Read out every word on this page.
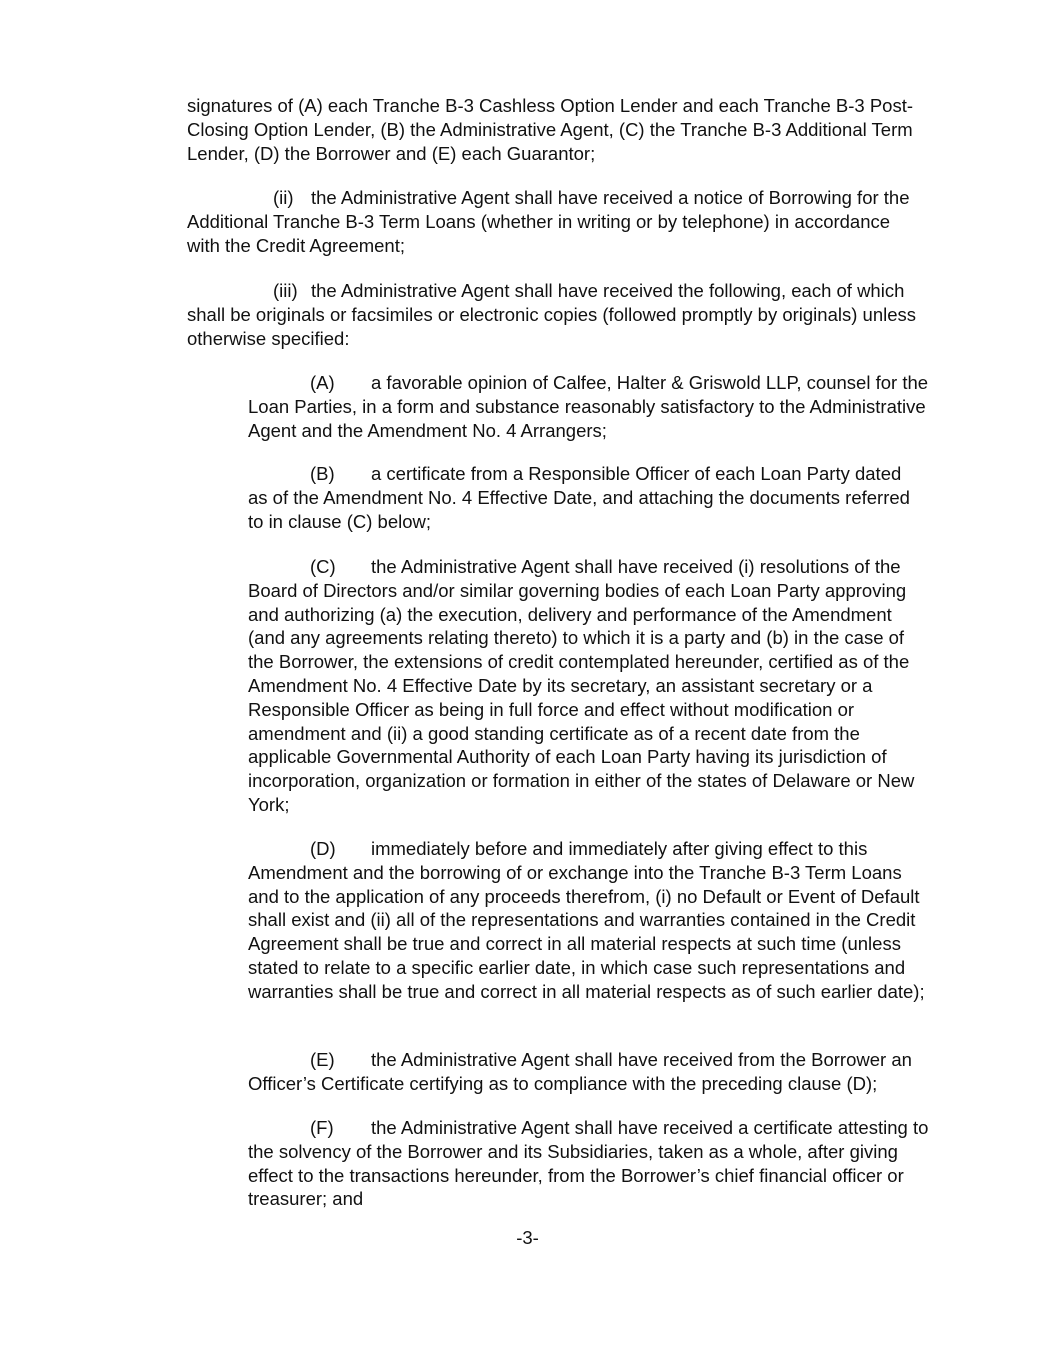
signatures of (A) each Tranche B-3 Cashless Option Lender and each Tranche B-3 Post-Closing Option Lender, (B) the Administrative Agent, (C) the Tranche B-3 Additional Term Lender, (D) the Borrower and (E) each Guarantor;

(ii) the Administrative Agent shall have received a notice of Borrowing for the Additional Tranche B-3 Term Loans (whether in writing or by telephone) in accordance with the Credit Agreement;

(iii) the Administrative Agent shall have received the following, each of which shall be originals or facsimiles or electronic copies (followed promptly by originals) unless otherwise specified:

(A) a favorable opinion of Calfee, Halter & Griswold LLP, counsel for the Loan Parties, in a form and substance reasonably satisfactory to the Administrative Agent and the Amendment No. 4 Arrangers;

(B) a certificate from a Responsible Officer of each Loan Party dated as of the Amendment No. 4 Effective Date, and attaching the documents referred to in clause (C) below;

(C) the Administrative Agent shall have received (i) resolutions of the Board of Directors and/or similar governing bodies of each Loan Party approving and authorizing (a) the execution, delivery and performance of the Amendment (and any agreements relating thereto) to which it is a party and (b) in the case of the Borrower, the extensions of credit contemplated hereunder, certified as of the Amendment No. 4 Effective Date by its secretary, an assistant secretary or a Responsible Officer as being in full force and effect without modification or amendment and (ii) a good standing certificate as of a recent date from the applicable Governmental Authority of each Loan Party having its jurisdiction of incorporation, organization or formation in either of the states of Delaware or New York;

(D) immediately before and immediately after giving effect to this Amendment and the borrowing of or exchange into the Tranche B-3 Term Loans and to the application of any proceeds therefrom, (i) no Default or Event of Default shall exist and (ii) all of the representations and warranties contained in the Credit Agreement shall be true and correct in all material respects at such time (unless stated to relate to a specific earlier date, in which case such representations and warranties shall be true and correct in all material respects as of such earlier date);

(E) the Administrative Agent shall have received from the Borrower an Officer’s Certificate certifying as to compliance with the preceding clause (D);

(F) the Administrative Agent shall have received a certificate attesting to the solvency of the Borrower and its Subsidiaries, taken as a whole, after giving effect to the transactions hereunder, from the Borrower’s chief financial officer or treasurer; and

-3-
